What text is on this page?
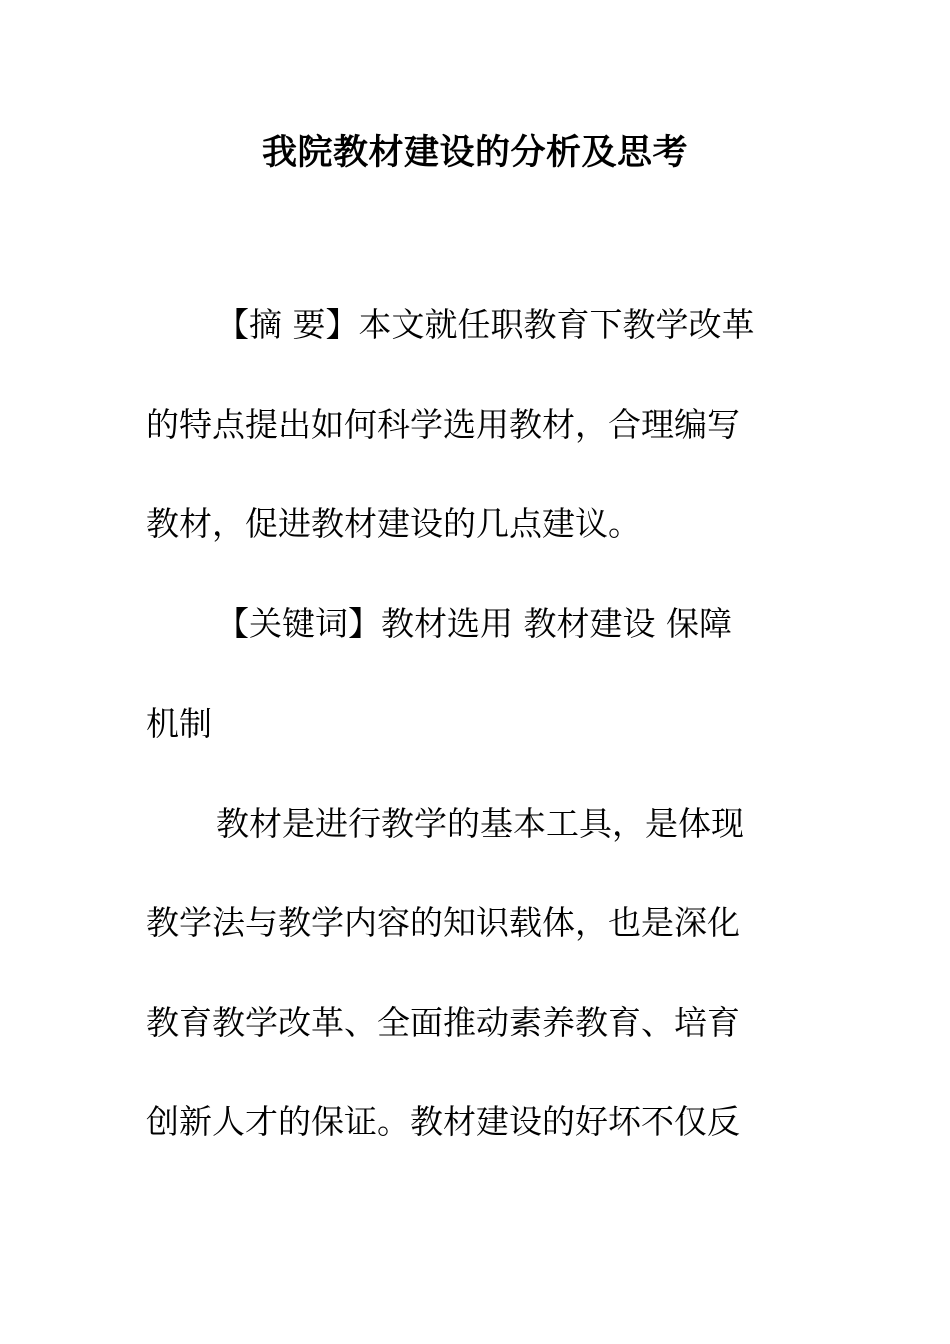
我院教材建设的分析及思考
【摘 要】本文就任职教育下教学改革
的特点提出如何科学选用教材，合理编写
教材，促进教材建设的几点建议。
【关键词】教材选用 教材建设 保障
机制
教材是进行教学的基本工具，是体现
教学法与教学内容的知识载体，也是深化
教育教学改革、全面推动素养教育、培育
创新人才的保证。教材建设的好坏不仅反
